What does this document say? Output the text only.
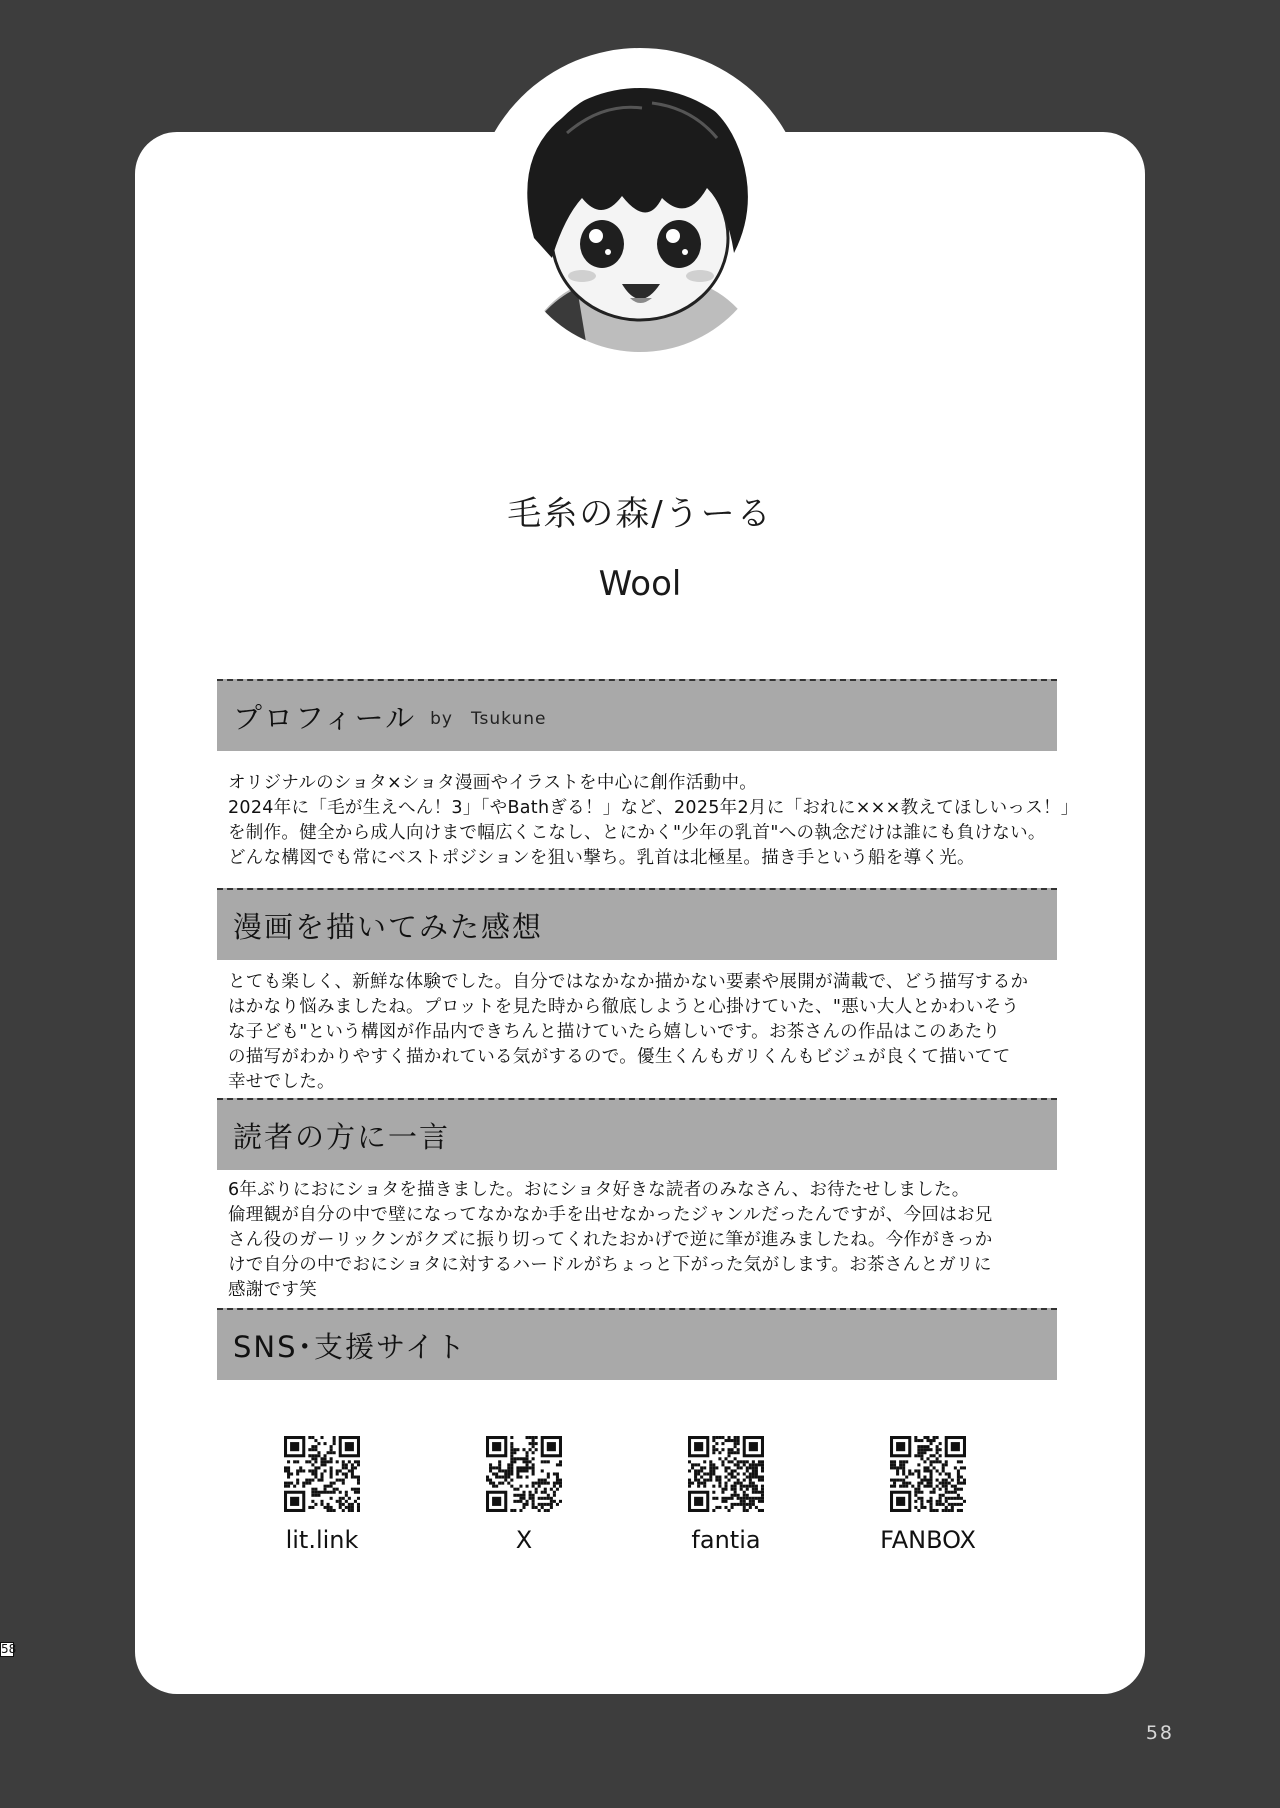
毛糸の森/うーる
Wool
プロフィール by　Tsukune

オリジナルのショタ×ショタ漫画やイラストを中心に創作活動中。

2024年に「毛が生えへん！3」「やBathぎる！」など、2025年2月に「おれに×××教えてほしいっス！」

を制作。健全から成人向けまで幅広くこなし、とにかく"少年の乳首"への執念だけは誰にも負けない。

どんな構図でも常にベストポジションを狙い撃ち。乳首は北極星。描き手という船を導く光。

漫画を描いてみた感想

とても楽しく、新鮮な体験でした。自分ではなかなか描かない要素や展開が満載で、どう描写するか

はかなり悩みましたね。プロットを見た時から徹底しようと心掛けていた、"悪い大人とかわいそう

な子ども"という構図が作品内できちんと描けていたら嬉しいです。お茶さんの作品はこのあたり

の描写がわかりやすく描かれている気がするので。優生くんもガリくんもビジュが良くて描いてて

幸せでした。

読者の方に一言

6年ぶりにおにショタを描きました。おにショタ好きな読者のみなさん、お待たせしました。

倫理観が自分の中で壁になってなかなか手を出せなかったジャンルだったんですが、今回はお兄

さん役のガーリックンがクズに振り切ってくれたおかげで逆に筆が進みましたね。今作がきっか

けで自分の中でおにショタに対するハードルがちょっと下がった気がします。お茶さんとガリに

感謝です笑

SNS･支援サイト
lit.link	X	fantia	FANBOX
58
58
